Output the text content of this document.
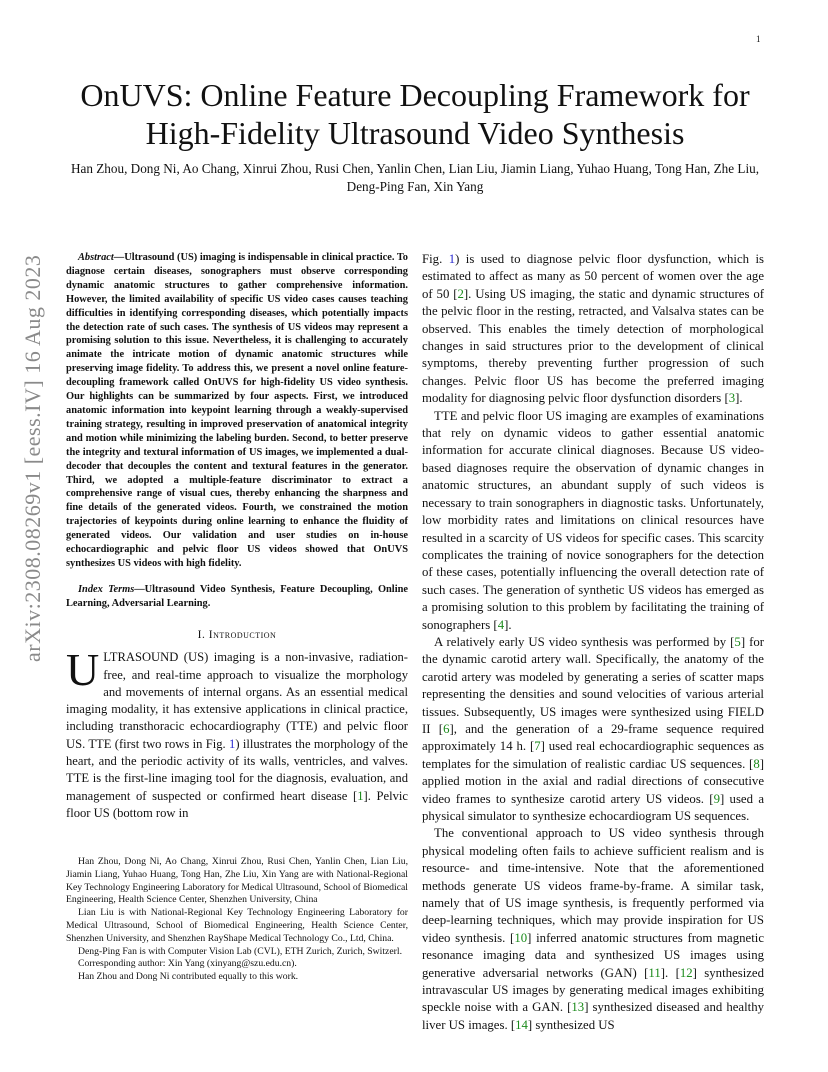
1
arXiv:2308.08269v1 [eess.IV] 16 Aug 2023
OnUVS: Online Feature Decoupling Framework for High-Fidelity Ultrasound Video Synthesis
Han Zhou, Dong Ni, Ao Chang, Xinrui Zhou, Rusi Chen, Yanlin Chen, Lian Liu, Jiamin Liang, Yuhao Huang, Tong Han, Zhe Liu, Deng-Ping Fan, Xin Yang

Abstract—Ultrasound (US) imaging is indispensable in clinical practice. To diagnose certain diseases, sonographers must observe corresponding dynamic anatomic structures to gather comprehensive information. However, the limited availability of specific US video cases causes teaching difficulties in identifying corresponding diseases, which potentially impacts the detection rate of such cases. The synthesis of US videos may represent a promising solution to this issue. Nevertheless, it is challenging to accurately animate the intricate motion of dynamic anatomic structures while preserving image fidelity. To address this, we present a novel online feature-decoupling framework called OnUVS for high-fidelity US video synthesis. Our highlights can be summarized by four aspects. First, we introduced anatomic information into keypoint learning through a weakly-supervised training strategy, resulting in improved preservation of anatomical integrity and motion while minimizing the labeling burden. Second, to better preserve the integrity and textural information of US images, we implemented a dual-decoder that decouples the content and textural features in the generator. Third, we adopted a multiple-feature discriminator to extract a comprehensive range of visual cues, thereby enhancing the sharpness and fine details of the generated videos. Fourth, we constrained the motion trajectories of keypoints during online learning to enhance the fluidity of generated videos. Our validation and user studies on in-house echocardiographic and pelvic floor US videos showed that OnUVS synthesizes US videos with high fidelity.

Index Terms—Ultrasound Video Synthesis, Feature Decoupling, Online Learning, Adversarial Learning.

I. Introduction

ULTRASOUND (US) imaging is a non-invasive, radiation-free, and real-time approach to visualize the morphology and movements of internal organs. As an essential medical imaging modality, it has extensive applications in clinical practice, including transthoracic echocardiography (TTE) and pelvic floor US. TTE (first two rows in Fig. 1) illustrates the morphology of the heart, and the periodic activity of its walls, ventricles, and valves. TTE is the first-line imaging tool for the diagnosis, evaluation, and management of suspected or confirmed heart disease [1]. Pelvic floor US (bottom row in

Han Zhou, Dong Ni, Ao Chang, Xinrui Zhou, Rusi Chen, Yanlin Chen, Lian Liu, Jiamin Liang, Yuhao Huang, Tong Han, Zhe Liu, Xin Yang are with National-Regional Key Technology Engineering Laboratory for Medical Ultrasound, School of Biomedical Engineering, Health Science Center, Shenzhen University, China

Lian Liu is with National-Regional Key Technology Engineering Laboratory for Medical Ultrasound, School of Biomedical Engineering, Health Science Center, Shenzhen University, and Shenzhen RayShape Medical Technology Co., Ltd, China.

Deng-Ping Fan is with Computer Vision Lab (CVL), ETH Zurich, Zurich, Switzerl.

Corresponding author: Xin Yang (xinyang@szu.edu.cn).

Han Zhou and Dong Ni contributed equally to this work.

Fig. 1) is used to diagnose pelvic floor dysfunction, which is estimated to affect as many as 50 percent of women over the age of 50 [2]. Using US imaging, the static and dynamic structures of the pelvic floor in the resting, retracted, and Valsalva states can be observed. This enables the timely detection of morphological changes in said structures prior to the development of clinical symptoms, thereby preventing further progression of such changes. Pelvic floor US has become the preferred imaging modality for diagnosing pelvic floor dysfunction disorders [3].

TTE and pelvic floor US imaging are examples of examinations that rely on dynamic videos to gather essential anatomic information for accurate clinical diagnoses. Because US video-based diagnoses require the observation of dynamic changes in anatomic structures, an abundant supply of such videos is necessary to train sonographers in diagnostic tasks. Unfortunately, low morbidity rates and limitations on clinical resources have resulted in a scarcity of US videos for specific cases. This scarcity complicates the training of novice sonographers for the detection of these cases, potentially influencing the overall detection rate of such cases. The generation of synthetic US videos has emerged as a promising solution to this problem by facilitating the training of sonographers [4].

A relatively early US video synthesis was performed by [5] for the dynamic carotid artery wall. Specifically, the anatomy of the carotid artery was modeled by generating a series of scatter maps representing the densities and sound velocities of various arterial tissues. Subsequently, US images were synthesized using FIELD II [6], and the generation of a 29-frame sequence required approximately 14 h. [7] used real echocardiographic sequences as templates for the simulation of realistic cardiac US sequences. [8] applied motion in the axial and radial directions of consecutive video frames to synthesize carotid artery US videos. [9] used a physical simulator to synthesize echocardiogram US sequences.

The conventional approach to US video synthesis through physical modeling often fails to achieve sufficient realism and is resource- and time-intensive. Note that the aforementioned methods generate US videos frame-by-frame. A similar task, namely that of US image synthesis, is frequently performed via deep-learning techniques, which may provide inspiration for US video synthesis. [10] inferred anatomic structures from magnetic resonance imaging data and synthesized US images using generative adversarial networks (GAN) [11]. [12] synthesized intravascular US images by generating medical images exhibiting speckle noise with a GAN. [13] synthesized diseased and healthy liver US images. [14] synthesized US
